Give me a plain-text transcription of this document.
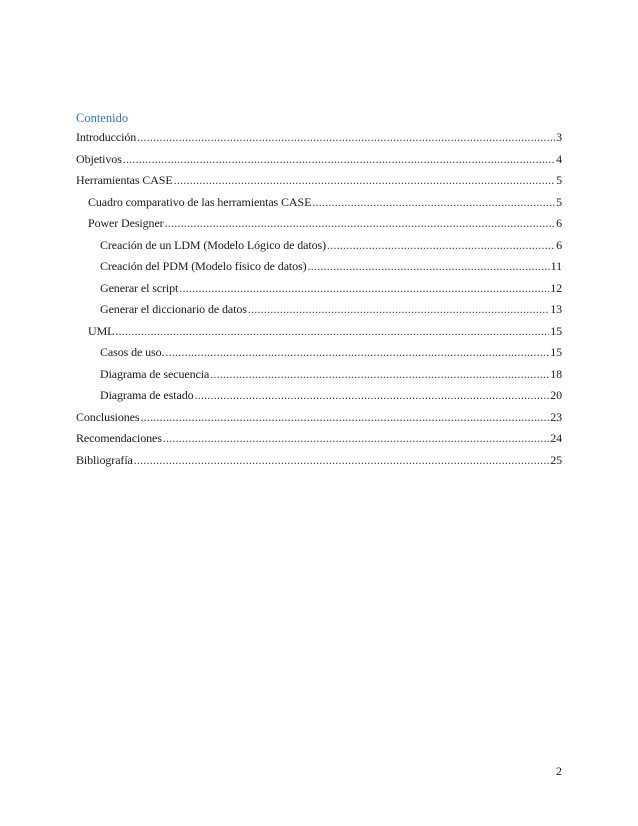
Contenido
Introducción .....	3
Objetivos .....	4
Herramientas CASE .....	5
Cuadro comparativo de las herramientas CASE .....	5
Power Designer .....	6
Creación de un LDM (Modelo Lógico de datos) .....	6
Creación del PDM (Modelo físico de datos) .....	11
Generar el script .....	12
Generar el diccionario de datos .....	13
UML .....	15
Casos de uso. .....	15
Diagrama de secuencia .....	18
Diagrama de estado .....	20
Conclusiones .....	23
Recomendaciones .....	24
Bibliografía .....	25
2
